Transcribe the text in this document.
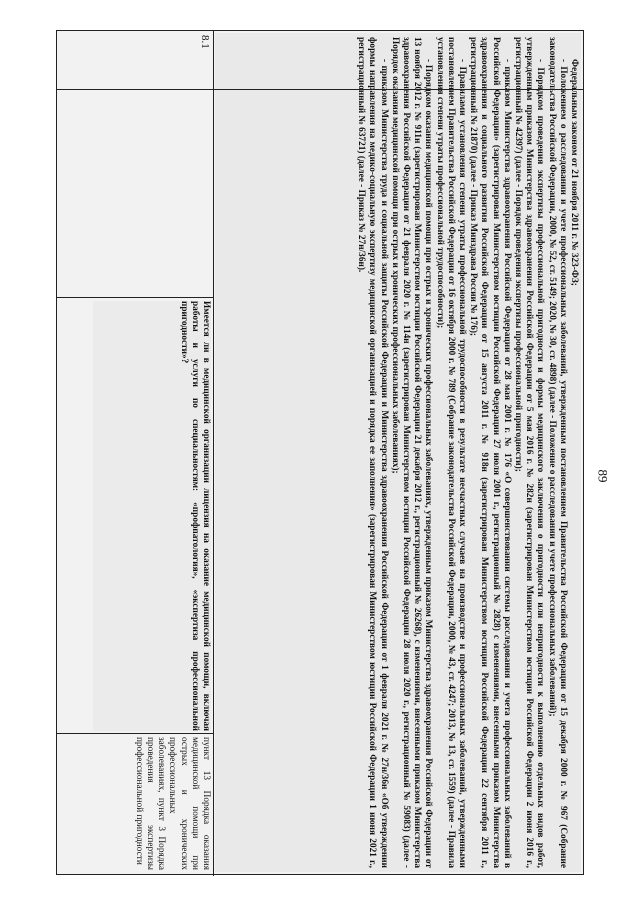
89

Федеральным законом от 21 ноября 2011 г. № 323-ФЗ;

- Положением о расследовании и учете профессиональных заболеваний, утвержденным постановлением Правительства Российской Федерации от 15 декабря 2000 г. № 967 (Собрание законодательства Российской Федерации, 2000, № 52, ст. 5149; 2020, № 30, ст. 4898) (далее - Положение о расследовании и учете профессиональных заболеваний);

- Порядком проведения экспертизы профессиональной пригодности и формы медицинского заключения о пригодности или непригодности к выполнению отдельных видов работ, утвержденным приказом Министерства здравоохранения Российской Федерации от 5 мая 2016 г. № 282н (зарегистрирован Министерством юстиции Российской Федерации 2 июня 2016 г., регистрационный № 42397) (далее - Порядок проведения экспертизы профессиональной пригодности);

- приказом Министерства здравоохранения Российской Федерации от 28 мая 2001 г. № 176 «О совершенствовании системы расследования и учета профессиональных заболеваний в Российской Федерации» (зарегистрирован Министерством юстиции Российской Федерации 27 июля 2001 г., регистрационный № 2828) с изменениями, внесенными приказом Министерства здравоохранения и социального развития Российской Федерации от 15 августа 2011 г. № 918н (зарегистрирован Министерством юстиции Российской Федерации 22 сентября 2011 г., регистрационный № 21870) (далее - Приказ Минздрава России № 176);

- Правилами установления степени утраты профессиональной трудоспособности в результате несчастных случаев на производстве и профессиональных заболеваний, утвержденными постановлением Правительства Российской Федерации от 16 октября 2000 г. № 789 (Собрание законодательства Российской Федерации, 2000, № 43, ст. 4247; 2013, № 13, ст. 1559) (далее - Правила установления степени утраты профессиональной трудоспособности);

- Порядком оказания медицинской помощи при острых и хронических профессиональных заболеваниях, утвержденным приказом Министерства здравоохранения Российской Федерации от 13 ноября 2012 г. № 911н (зарегистрирован Министерством юстиции Российской Федерации 21 декабря 2012 г., регистрационный № 26268), с изменениями, внесенными приказом Министерства здравоохранения Российской Федерации от 21 февраля 2020 г. № 114н (зарегистрирован Министерством юстиции Российской Федерации 28 июля 2020 г., регистрационный № 59083) (далее - Порядок оказания медицинской помощи при острых и хронических профессиональных заболеваниях);

- приказом Министерства труда и социальной защиты Российской Федерации и Министерства здравоохранения Российской Федерации от 1 февраля 2021 г. № 27н/36н «Об утверждении формы направления на медико-социальную экспертизу медицинской организацией и порядка ее заполнения» (зарегистрирован Министерством юстиции Российской Федерации 1 июня 2021 г., регистрационный № 63721) (далее - Приказ № 27н/36н).

8.1
Имеется ли в медицинской организации лицензия на оказание медицинской помощи, включая работы и услуги по специальностям: «профпатология», «экспертиза профессиональной пригодности»?
пункт 13 Порядка оказания медицинской помощи при острых и хронических профессиональных заболеваниях, пункт 3 Порядка проведения экспертизы профессиональной пригодности
